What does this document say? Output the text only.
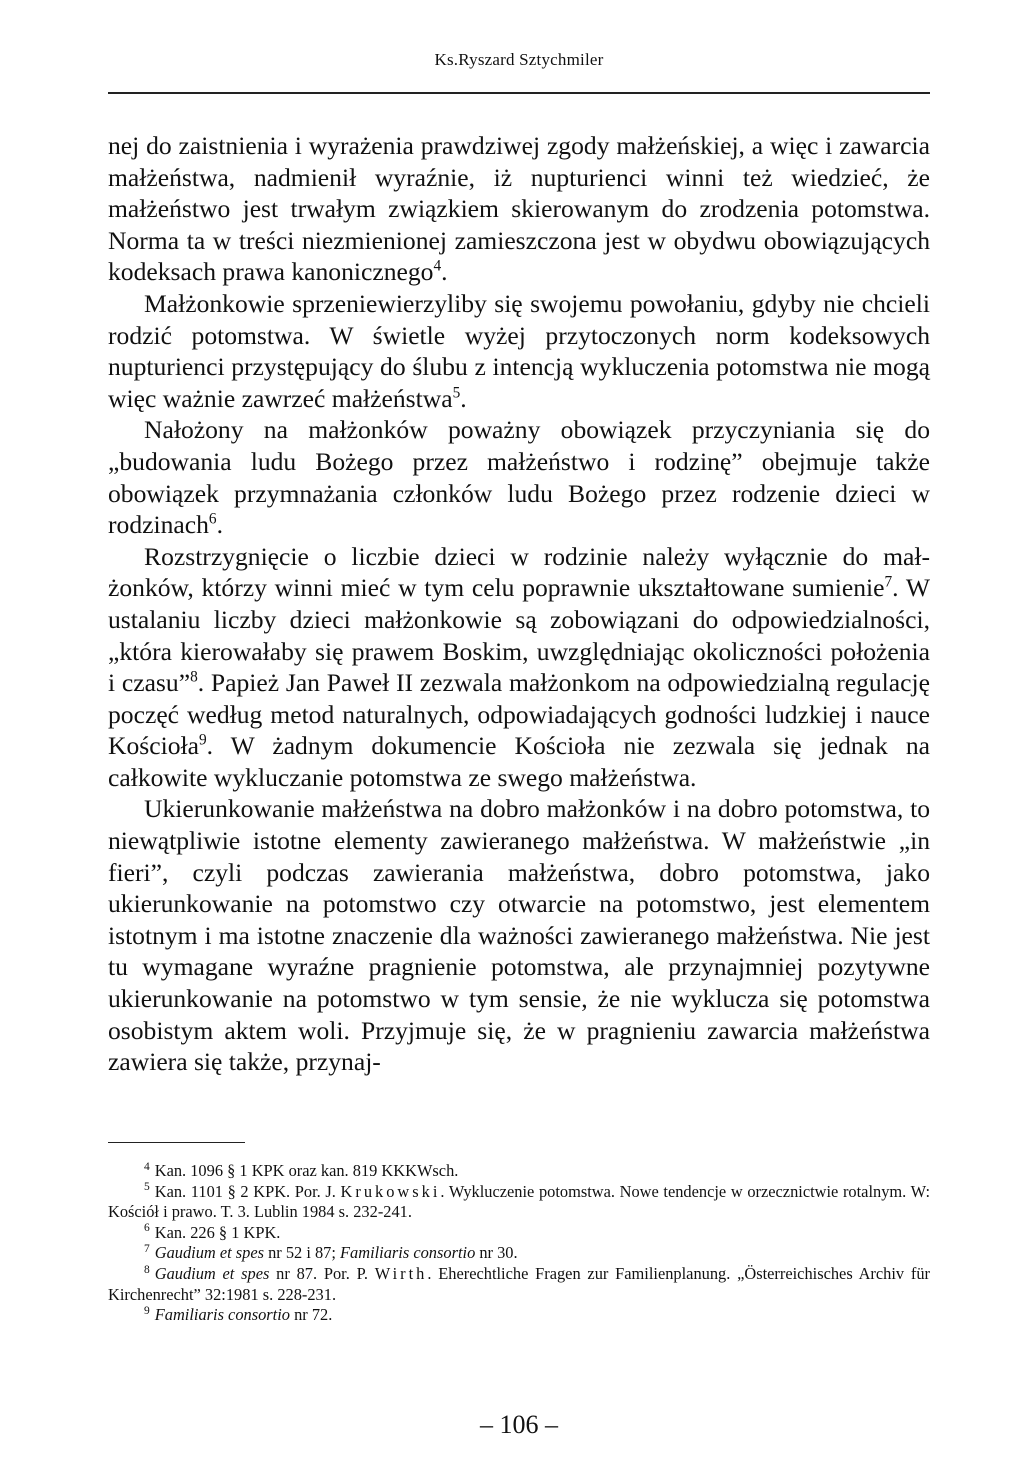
Ks.Ryszard Sztychmiler

nej do zaistnienia i wyrażenia prawdziwej zgody małżeńskiej, a więc i zawarcia małżeństwa, nadmienił wyraźnie, iż nupturienci winni też wiedzieć, że małżeństwo jest trwałym związkiem skierowanym do zrodzenia potomstwa. Norma ta w treści niezmienionej zamieszczona jest w obydwu obowiązujących kodeksach prawa kanonicznego$^4$.

Małżonkowie sprzeniewierzyliby się swojemu powołaniu, gdyby nie chcieli rodzić potomstwa. W świetle wyżej przytoczonych norm kodeksowych nupturienci przystępujący do ślubu z intencją wykluczenia potomstwa nie mogą więc ważnie zawrzeć małżeństwa$^5$.

Nałożony na małżonków poważny obowiązek przyczyniania się do „budowania ludu Bożego przez małżeństwo i rodzinę” obejmuje także obowiązek przymnażania członków ludu Bożego przez rodzenie dzieci w rodzinach$^6$.

Rozstrzygnięcie o liczbie dzieci w rodzinie należy wyłącznie do małżonków, którzy winni mieć w tym celu poprawnie ukształtowane sumienie$^7$. W ustalaniu liczby dzieci małżonkowie są zobowiązani do odpowiedzialności, „która kierowałaby się prawem Boskim, uwzględniając okoliczności położenia i czasu”$^8$. Papież Jan Paweł II zezwala małżonkom na odpowiedzialną regulację poczęć według metod naturalnych, odpowiadających godności ludzkiej i nauce Kościoła$^9$. W żadnym dokumencie Kościoła nie zezwala się jednak na całkowite wykluczanie potomstwa ze swego małżeństwa.

Ukierunkowanie małżeństwa na dobro małżonków i na dobro potomstwa, to niewątpliwie istotne elementy zawieranego małżeństwa. W małżeństwie „in fieri”, czyli podczas zawierania małżeństwa, dobro potomstwa, jako ukierunkowanie na potomstwo czy otwarcie na potomstwo, jest elementem istotnym i ma istotne znaczenie dla ważności zawieranego małżeństwa. Nie jest tu wymagane wyraźne pragnienie potomstwa, ale przynajmniej pozytywne ukierunkowanie na potomstwo w tym sensie, że nie wyklucza się potomstwa osobistym aktem woli. Przyjmuje się, że w pragnieniu zawarcia małżeństwa zawiera się także, przynaj-

$^4$ Kan. 1096 § 1 KPK oraz kan. 819 KKKWsch.

$^5$ Kan. 1101 § 2 KPK. Por. J. Krukowski. Wykluczenie potomstwa. Nowe tendencje w orzecznictwie rotalnym. W: Kościół i prawo. T. 3. Lublin 1984 s. 232-241.

$^6$ Kan. 226 § 1 KPK.

$^7$ Gaudium et spes nr 52 i 87; Familiaris consortio nr 30.

$^8$ Gaudium et spes nr 87. Por. P. Wirth. Eherechtliche Fragen zur Familienplanung. „Österreichisches Archiv für Kirchenrecht” 32:1981 s. 228-231.

$^9$ Familiaris consortio nr 72.

– 106 –
